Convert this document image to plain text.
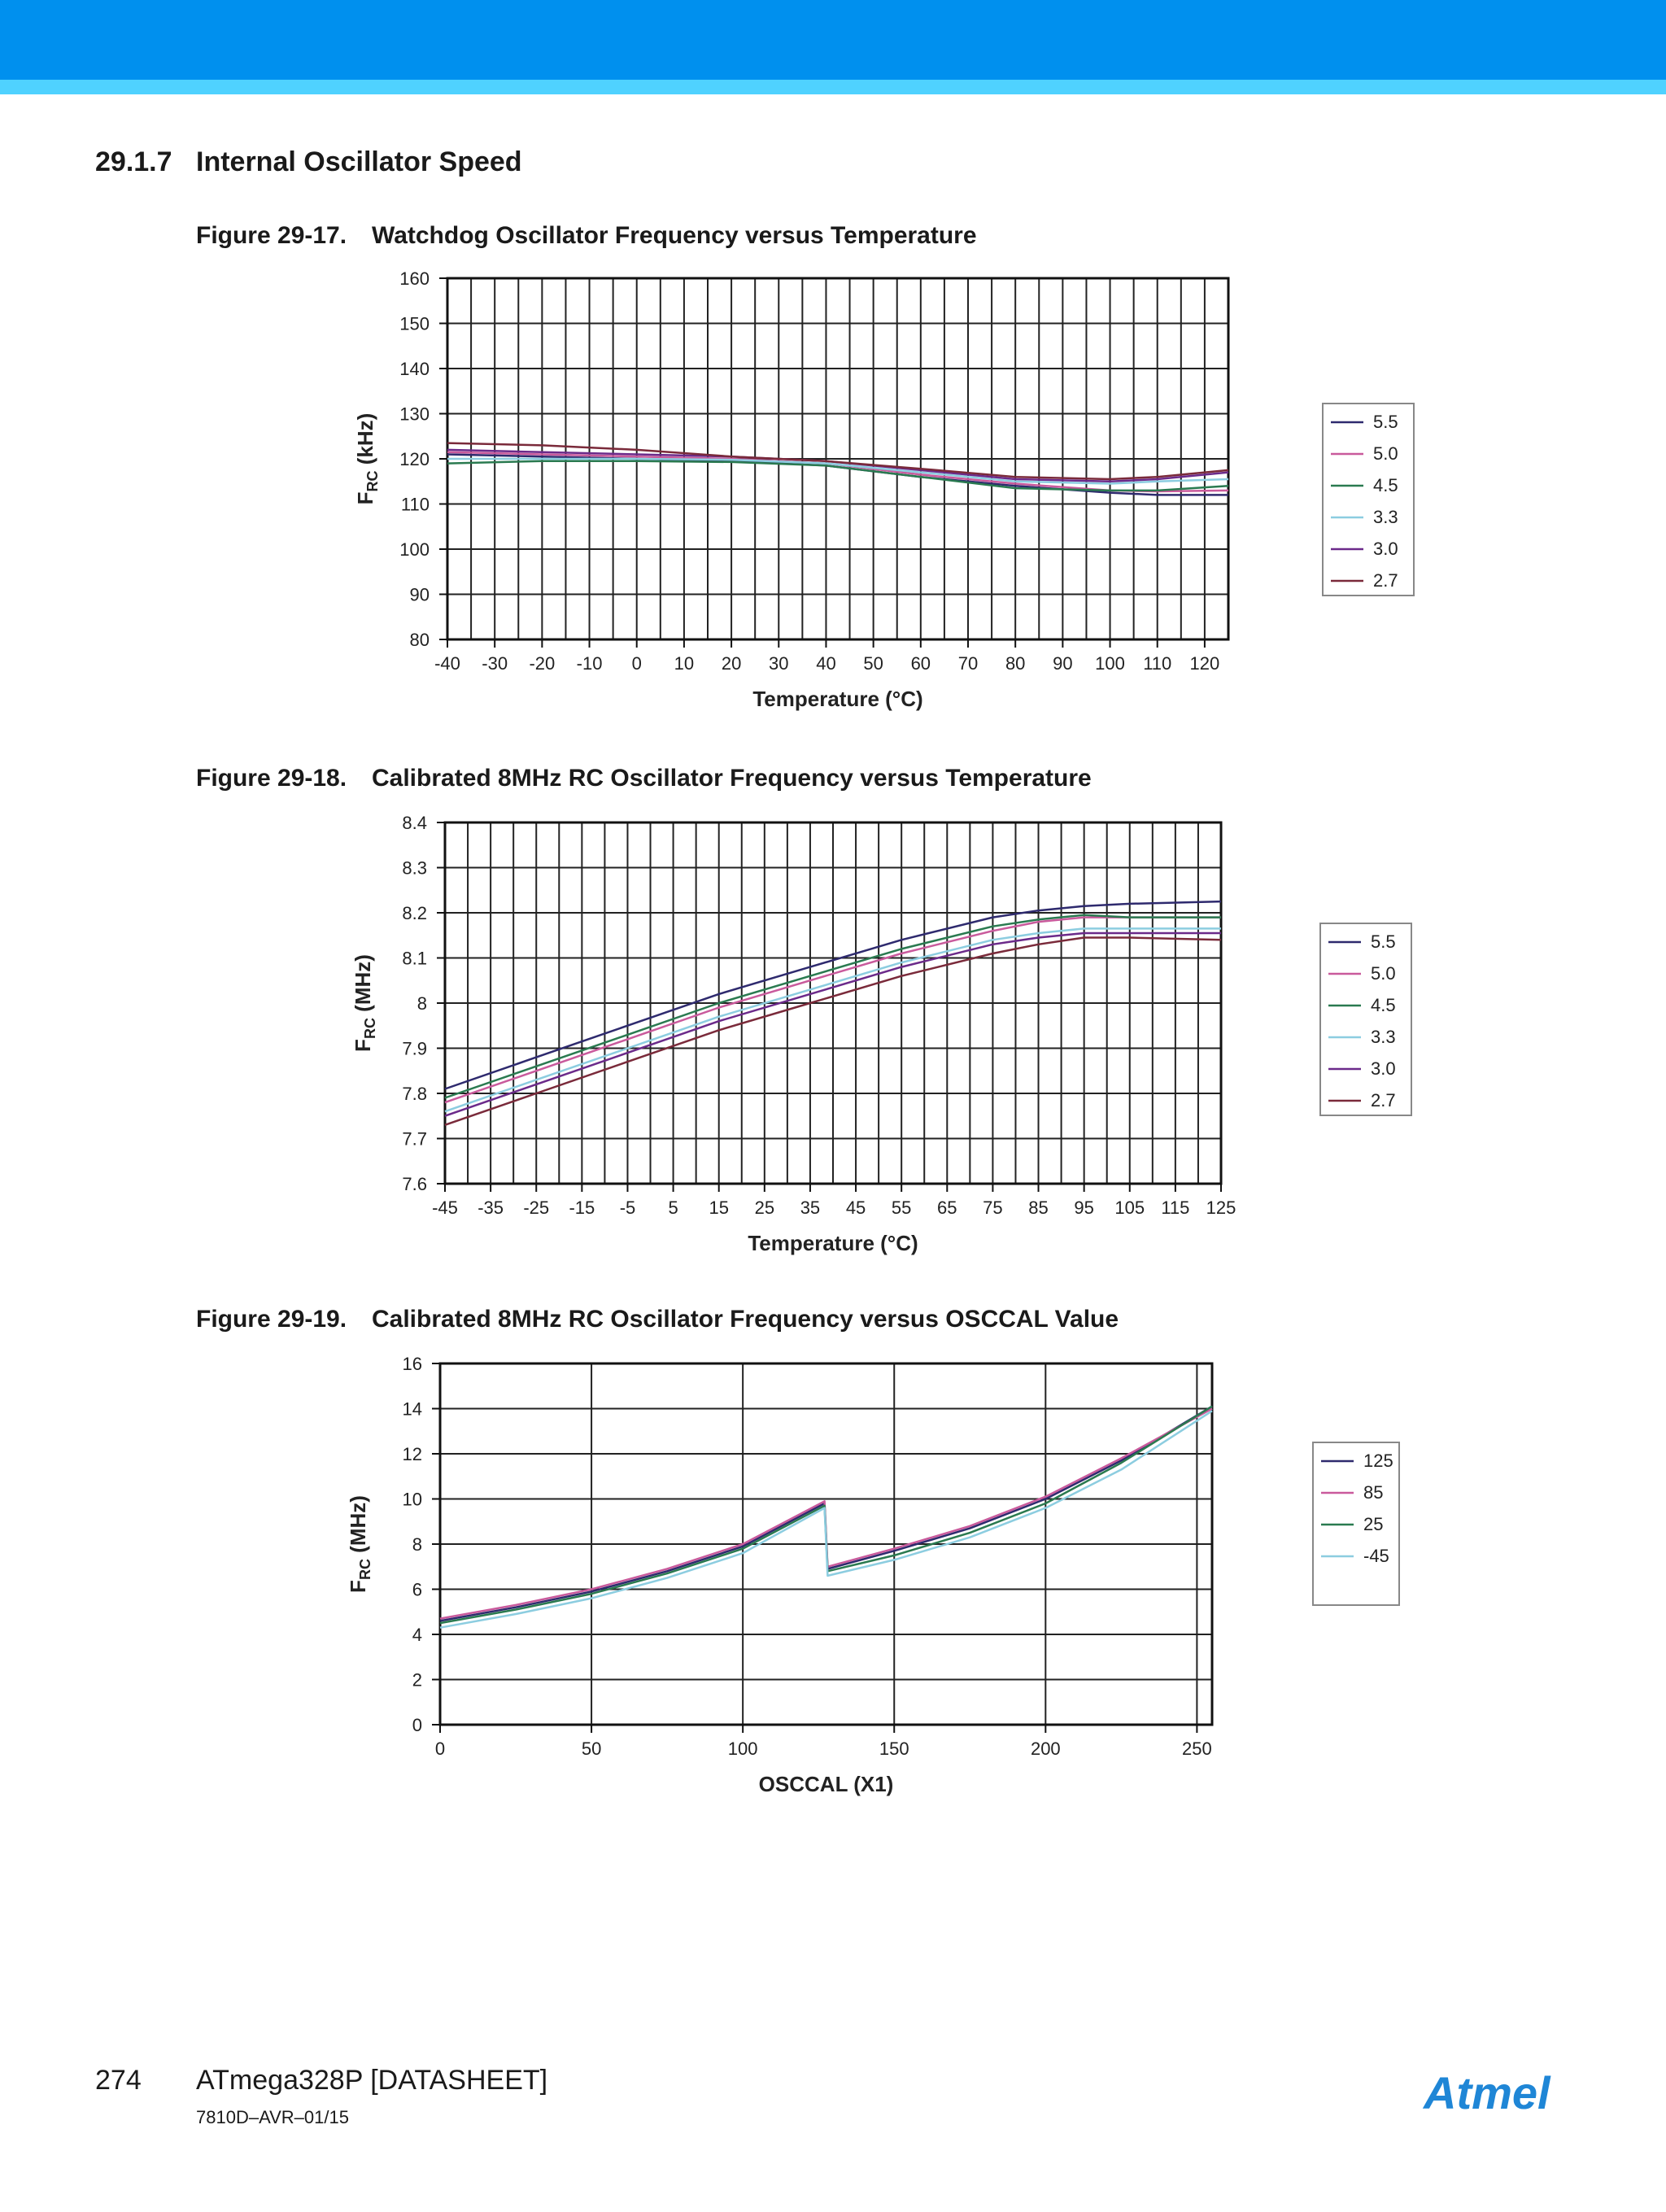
29.1.7 Internal Oscillator Speed

Figure 29-17. Watchdog Oscillator Frequency versus Temperature

80
90
100
110
120
130
140
150
160
-40 -30 -20 -10 0 10 20 30 40 50 60 70 80 90 100 110 120
Temperature (°C)
$F_{RC}$ (kHz)	5.5
5.0
4.5
3.3
3.0
2.7

Figure 29-18. Calibrated 8MHz RC Oscillator Frequency versus Temperature

7.6
7.7
7.8
7.9
8
8.1
8.2
8.3
8.4
-45 -35 -25 -15 -5 5 15 25 35 45 55 65 75 85 95 105 115 125
Temperature (°C)
$F_{RC}$ (MHz)
5.5
5.0
4.5
3.3
3.0
2.7

Figure 29-19. Calibrated 8MHz RC Oscillator Frequency versus OSCCAL Value

0
2
4
6
8
10
12
14
16
0	50	100	150	200	250
OSCCAL (X1)
$F_{RC}$ (MHz)
125
85
25
-45
274 ATmega328P [DATASHEET]
7810D–AVR–01/15	Atmel
